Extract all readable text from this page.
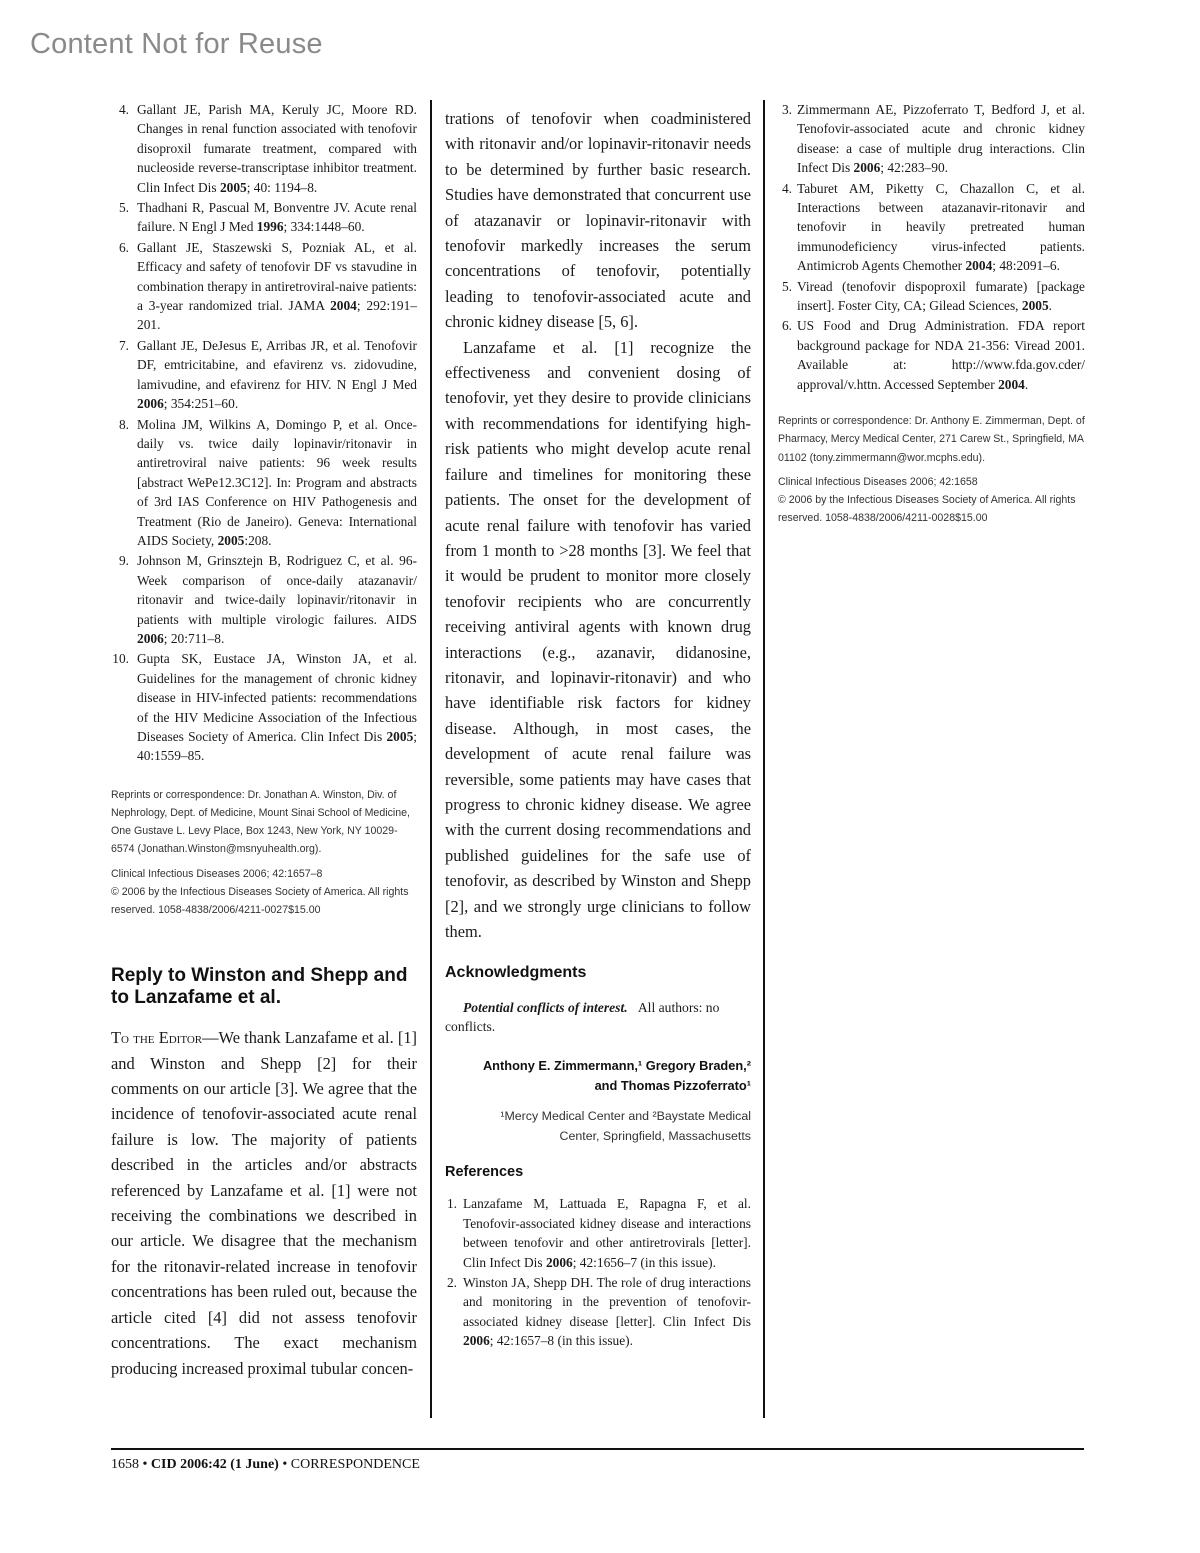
Content Not for Reuse
4. Gallant JE, Parish MA, Keruly JC, Moore RD. Changes in renal function associated with tenofovir disoproxil fumarate treatment, compared with nucleoside reverse-transcriptase inhibitor treatment. Clin Infect Dis 2005; 40: 1194–8.
5. Thadhani R, Pascual M, Bonventre JV. Acute renal failure. N Engl J Med 1996; 334:1448–60.
6. Gallant JE, Staszewski S, Pozniak AL, et al. Efficacy and safety of tenofovir DF vs stavudine in combination therapy in antiretroviral-naive patients: a 3-year randomized trial. JAMA 2004; 292:191–201.
7. Gallant JE, DeJesus E, Arribas JR, et al. Tenofovir DF, emtricitabine, and efavirenz vs. zidovudine, lamivudine, and efavirenz for HIV. N Engl J Med 2006; 354:251–60.
8. Molina JM, Wilkins A, Domingo P, et al. Once-daily vs. twice daily lopinavir/ritonavir in antiretroviral naive patients: 96 week results [abstract WePe12.3C12]. In: Program and abstracts of 3rd IAS Conference on HIV Pathogenesis and Treatment (Rio de Janeiro). Geneva: International AIDS Society, 2005:208.
9. Johnson M, Grinsztejn B, Rodriguez C, et al. 96-Week comparison of once-daily atazanavir/ ritonavir and twice-daily lopinavir/ritonavir in patients with multiple virologic failures. AIDS 2006; 20:711–8.
10. Gupta SK, Eustace JA, Winston JA, et al. Guidelines for the management of chronic kidney disease in HIV-infected patients: recommendations of the HIV Medicine Association of the Infectious Diseases Society of America. Clin Infect Dis 2005; 40:1559–85.
Reprints or correspondence: Dr. Jonathan A. Winston, Div. of Nephrology, Dept. of Medicine, Mount Sinai School of Medicine, One Gustave L. Levy Place, Box 1243, New York, NY 10029-6574 (Jonathan.Winston@msnyuhealth.org).
Clinical Infectious Diseases 2006; 42:1657–8
© 2006 by the Infectious Diseases Society of America. All rights reserved. 1058-4838/2006/4211-0027$15.00
Reply to Winston and Shepp and to Lanzafame et al.

To the Editor—We thank Lanzafame et al. [1] and Winston and Shepp [2] for their comments on our article [3]. We agree that the incidence of tenofovir-associated acute renal failure is low. The majority of patients described in the articles and/or abstracts referenced by Lanzafame et al. [1] were not receiving the combinations we described in our article. We disagree that the mechanism for the ritonavir-related increase in tenofovir concentrations has been ruled out, because the article cited [4] did not assess tenofovir concentrations. The exact mechanism producing increased proximal tubular concen-

trations of tenofovir when coadministered with ritonavir and/or lopinavir-ritonavir needs to be determined by further basic research. Studies have demonstrated that concurrent use of atazanavir or lopinavir-ritonavir with tenofovir markedly increases the serum concentrations of tenofovir, potentially leading to tenofovir-associated acute and chronic kidney disease [5, 6].

Lanzafame et al. [1] recognize the effectiveness and convenient dosing of tenofovir, yet they desire to provide clinicians with recommendations for identifying high-risk patients who might develop acute renal failure and timelines for monitoring these patients. The onset for the development of acute renal failure with tenofovir has varied from 1 month to >28 months [3]. We feel that it would be prudent to monitor more closely tenofovir recipients who are concurrently receiving antiviral agents with known drug interactions (e.g., azanavir, didanosine, ritonavir, and lopinavir-ritonavir) and who have identifiable risk factors for kidney disease. Although, in most cases, the development of acute renal failure was reversible, some patients may have cases that progress to chronic kidney disease. We agree with the current dosing recommendations and published guidelines for the safe use of tenofovir, as described by Winston and Shepp [2], and we strongly urge clinicians to follow them.

Acknowledgments

Potential conflicts of interest. All authors: no conflicts.

Anthony E. Zimmermann,¹ Gregory Braden,²
and Thomas Pizzoferrato¹
¹Mercy Medical Center and ²Baystate Medical
Center, Springfield, Massachusetts
References
1. Lanzafame M, Lattuada E, Rapagna F, et al. Tenofovir-associated kidney disease and interactions between tenofovir and other antiretrovirals [letter]. Clin Infect Dis 2006; 42:1656–7 (in this issue).
2. Winston JA, Shepp DH. The role of drug interactions and monitoring in the prevention of tenofovir-associated kidney disease [letter]. Clin Infect Dis 2006; 42:1657–8 (in this issue).
3. Zimmermann AE, Pizzoferrato T, Bedford J, et al. Tenofovir-associated acute and chronic kidney disease: a case of multiple drug interactions. Clin Infect Dis 2006; 42:283–90.
4. Taburet AM, Piketty C, Chazallon C, et al. Interactions between atazanavir-ritonavir and tenofovir in heavily pretreated human immunodeficiency virus-infected patients. Antimicrob Agents Chemother 2004; 48:2091–6.
5. Viread (tenofovir dispoproxil fumarate) [package insert]. Foster City, CA; Gilead Sciences, 2005.
6. US Food and Drug Administration. FDA report background package for NDA 21-356: Viread 2001. Available at: http://www.fda.gov.cder/ approval/v.httn. Accessed September 2004.
Reprints or correspondence: Dr. Anthony E. Zimmerman, Dept. of Pharmacy, Mercy Medical Center, 271 Carew St., Springfield, MA 01102 (tony.zimmermann@wor.mcphs.edu).
Clinical Infectious Diseases 2006; 42:1658
© 2006 by the Infectious Diseases Society of America. All rights reserved. 1058-4838/2006/4211-0028$15.00
1658 • CID 2006:42 (1 June) • CORRESPONDENCE
